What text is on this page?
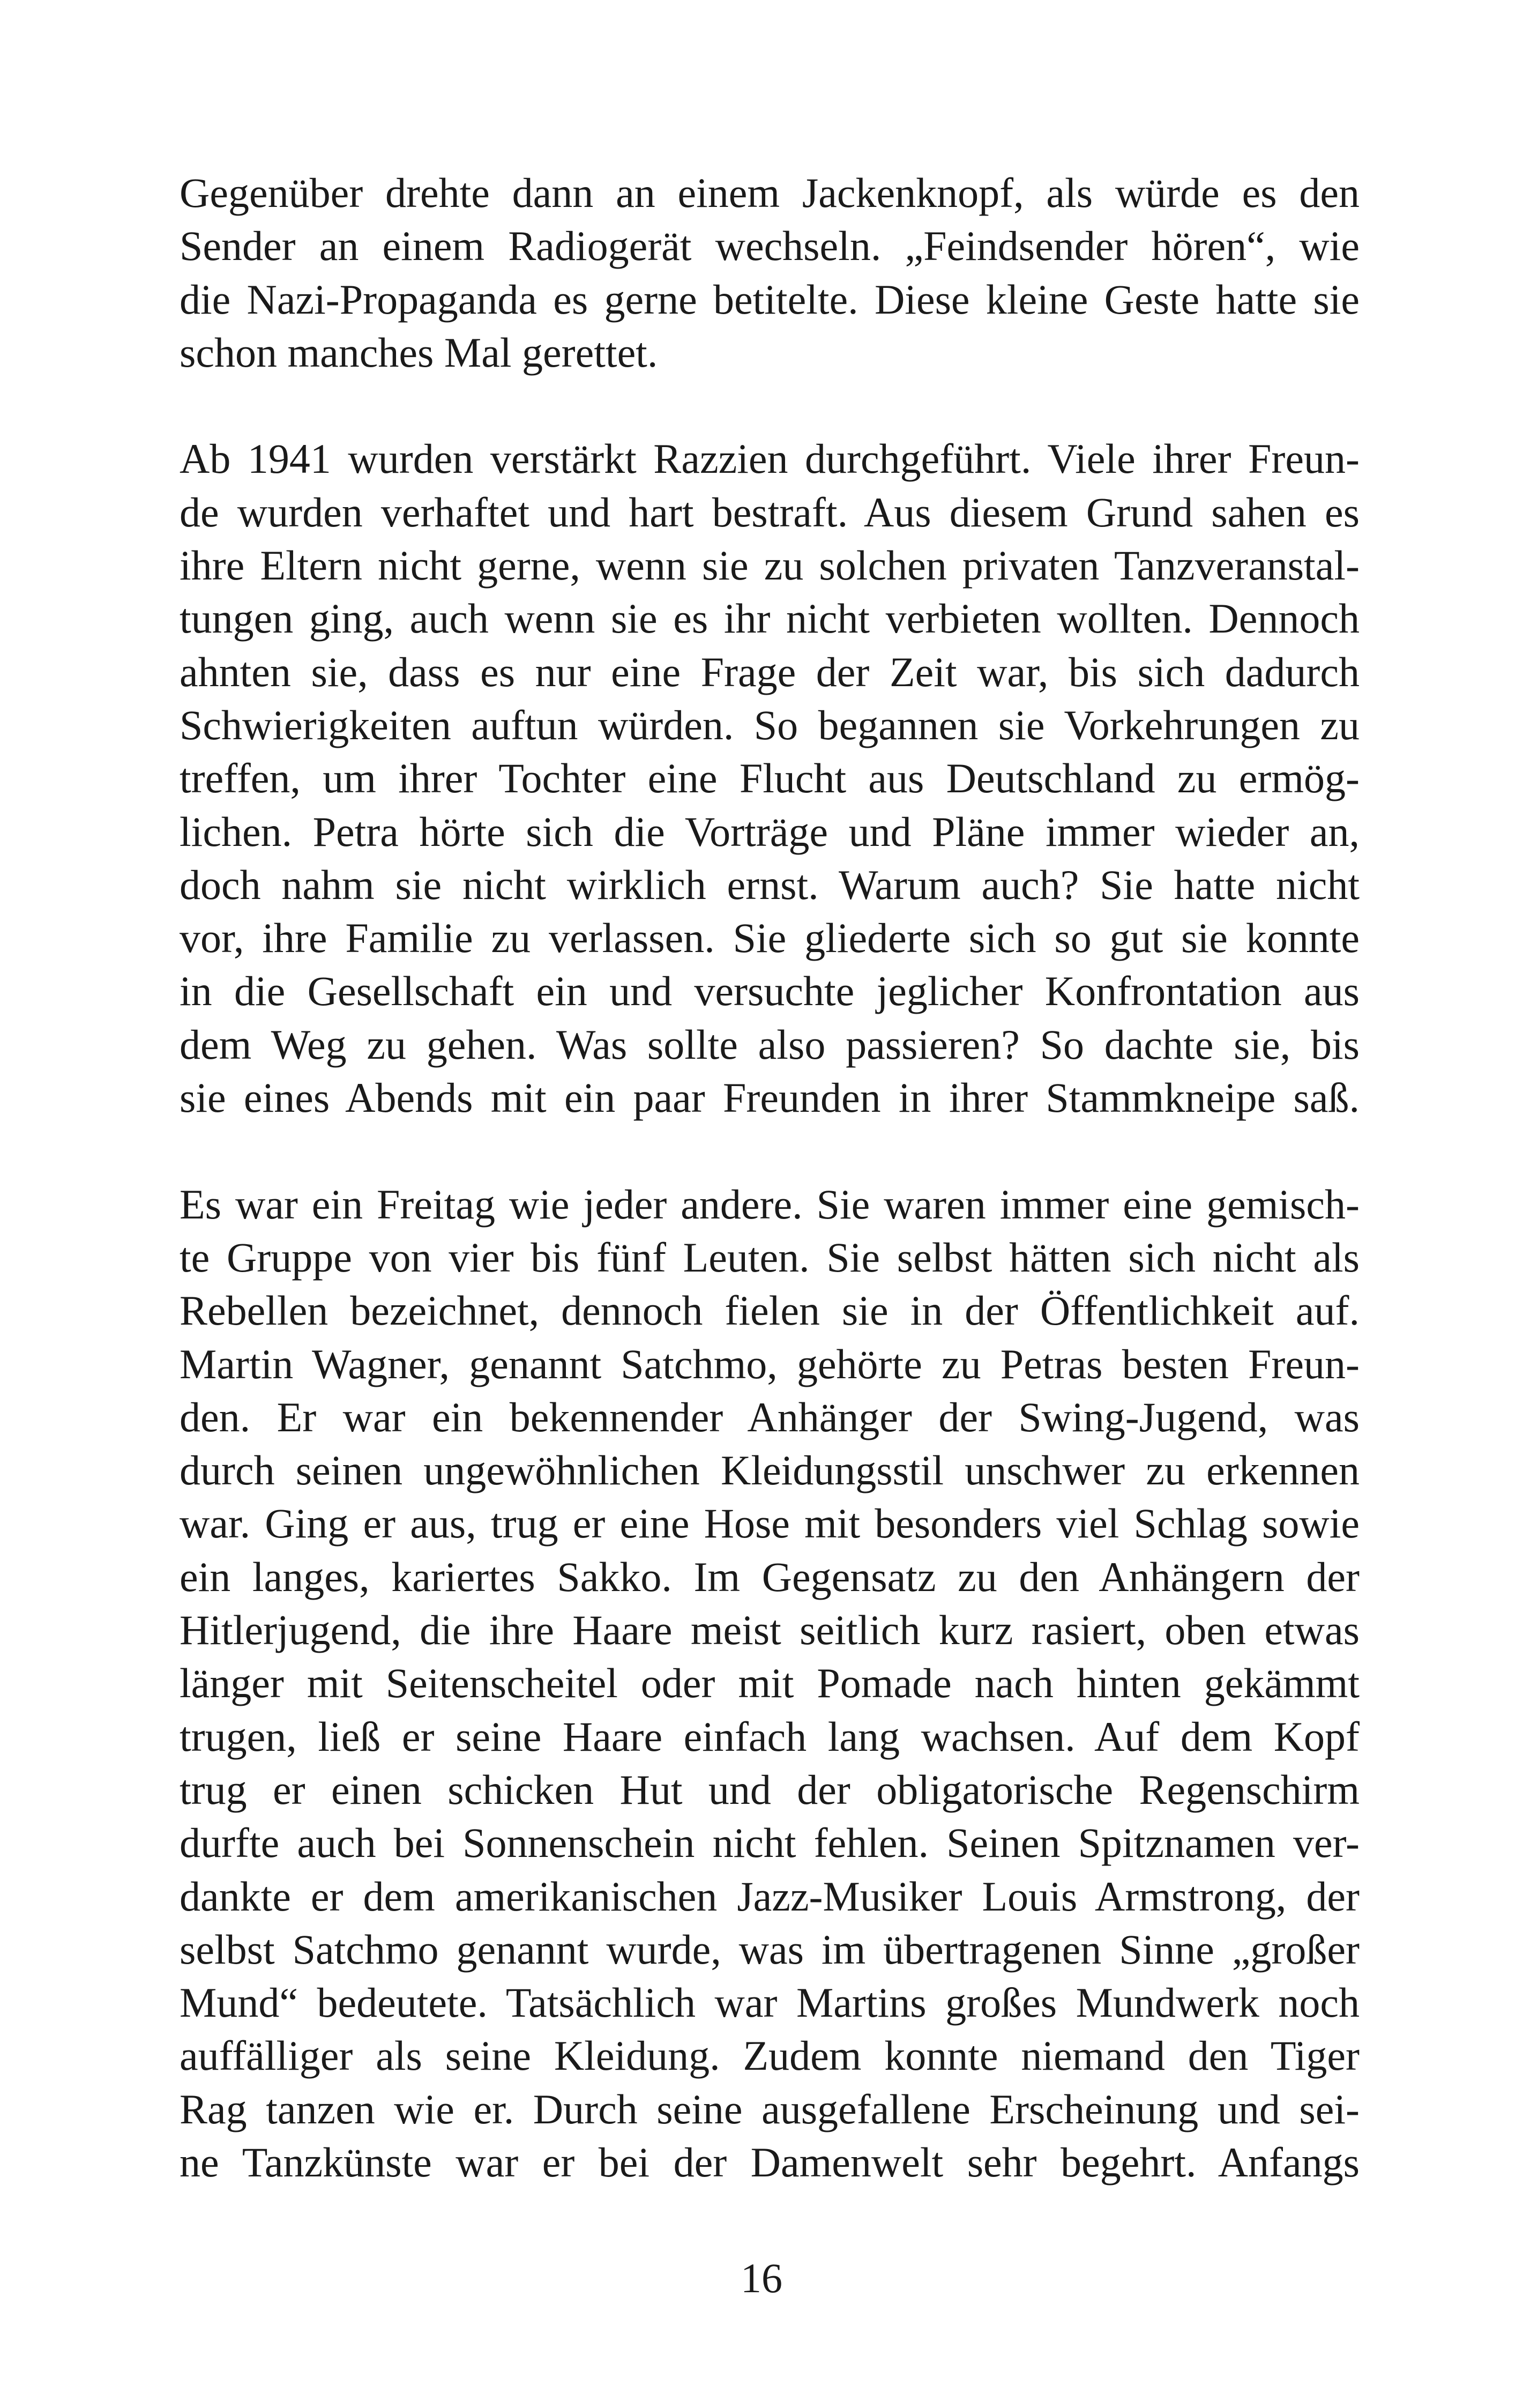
Gegenüber drehte dann an einem Jackenknopf, als würde es den
Sender an einem Radiogerät wechseln. „Feindsender hören“, wie
die Nazi-Propaganda es gerne betitelte. Diese kleine Geste hatte sie
schon manches Mal gerettet.

Ab 1941 wurden verstärkt Razzien durchgeführt. Viele ihrer Freun-
de wurden verhaftet und hart bestraft. Aus diesem Grund sahen es
ihre Eltern nicht gerne, wenn sie zu solchen privaten Tanzveranstal-
tungen ging, auch wenn sie es ihr nicht verbieten wollten. Dennoch
ahnten sie, dass es nur eine Frage der Zeit war, bis sich dadurch
Schwierigkeiten auftun würden. So begannen sie Vorkehrungen zu
treffen, um ihrer Tochter eine Flucht aus Deutschland zu ermög-
lichen. Petra hörte sich die Vorträge und Pläne immer wieder an,
doch nahm sie nicht wirklich ernst. Warum auch? Sie hatte nicht
vor, ihre Familie zu verlassen. Sie gliederte sich so gut sie konnte
in die Gesellschaft ein und versuchte jeglicher Konfrontation aus
dem Weg zu gehen. Was sollte also passieren? So dachte sie, bis
sie eines Abends mit ein paar Freunden in ihrer Stammkneipe saß.

Es war ein Freitag wie jeder andere. Sie waren immer eine gemisch-
te Gruppe von vier bis fünf Leuten. Sie selbst hätten sich nicht als
Rebellen bezeichnet, dennoch fielen sie in der Öffentlichkeit auf.
Martin Wagner, genannt Satchmo, gehörte zu Petras besten Freun-
den. Er war ein bekennender Anhänger der Swing-Jugend, was
durch seinen ungewöhnlichen Kleidungsstil unschwer zu erkennen
war. Ging er aus, trug er eine Hose mit besonders viel Schlag sowie
ein langes, kariertes Sakko. Im Gegensatz zu den Anhängern der
Hitlerjugend, die ihre Haare meist seitlich kurz rasiert, oben etwas
länger mit Seitenscheitel oder mit Pomade nach hinten gekämmt
trugen, ließ er seine Haare einfach lang wachsen. Auf dem Kopf
trug er einen schicken Hut und der obligatorische Regenschirm
durfte auch bei Sonnenschein nicht fehlen. Seinen Spitznamen ver-
dankte er dem amerikanischen Jazz-Musiker Louis Armstrong, der
selbst Satchmo genannt wurde, was im übertragenen Sinne „großer
Mund“ bedeutete. Tatsächlich war Martins großes Mundwerk noch
auffälliger als seine Kleidung. Zudem konnte niemand den Tiger
Rag tanzen wie er. Durch seine ausgefallene Erscheinung und sei-
ne Tanzkünste war er bei der Damenwelt sehr begehrt. Anfangs

16
